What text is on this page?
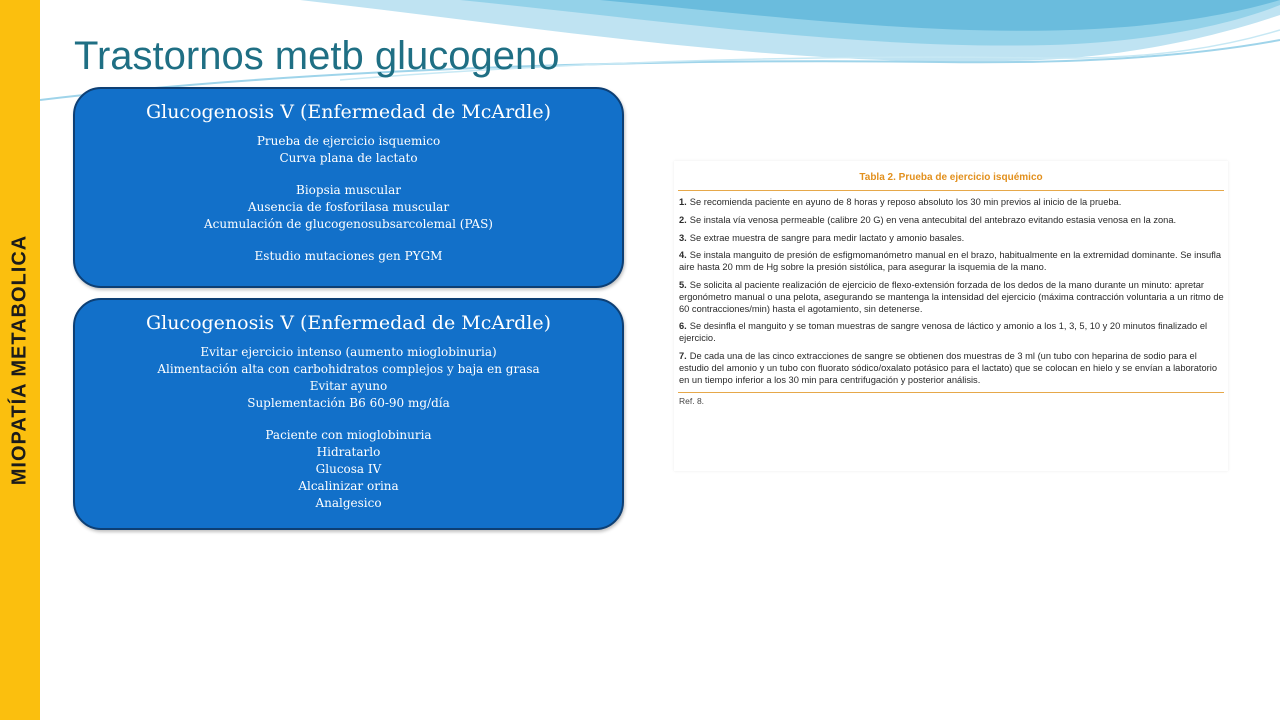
MIOPATÍA METABOLICA
Trastornos metb glucogeno
Glucogenosis V (Enfermedad de McArdle)
Prueba de ejercicio isquemico
Curva plana de lactato
Biopsia muscular
Ausencia de fosforilasa muscular
Acumulación de glucogenosubsarcolemal (PAS)
Estudio mutaciones gen PYGM
Glucogenosis V (Enfermedad de McArdle)
Evitar ejercicio intenso (aumento mioglobinuria)
Alimentación alta con carbohidratos complejos y baja en grasa
Evitar ayuno
Suplementación B6 60-90 mg/día
Paciente con mioglobinuria
Hidratarlo
Glucosa IV
Alcalinizar orina
Analgesico
Tabla 2. Prueba de ejercicio isquémico
1. Se recomienda paciente en ayuno de 8 horas y reposo absoluto los 30 min previos al inicio de la prueba.
2. Se instala vía venosa permeable (calibre 20 G) en vena antecubital del antebrazo evitando estasia venosa en la zona.
3. Se extrae muestra de sangre para medir lactato y amonio basales.
4. Se instala manguito de presión de esfigmomanómetro manual en el brazo, habitualmente en la extremidad dominante. Se insufla aire hasta 20 mm de Hg sobre la presión sistólica, para asegurar la isquemia de la mano.
5. Se solicita al paciente realización de ejercicio de flexo-extensión forzada de los dedos de la mano durante un minuto: apretar ergonómetro manual o una pelota, asegurando se mantenga la intensidad del ejercicio (máxima contracción voluntaria a un ritmo de 60 contracciones/min) hasta el agotamiento, sin detenerse.
6. Se desinfla el manguito y se toman muestras de sangre venosa de láctico y amonio a los 1, 3, 5, 10 y 20 minutos finalizado el ejercicio.
7. De cada una de las cinco extracciones de sangre se obtienen dos muestras de 3 ml (un tubo con heparina de sodio para el estudio del amonio y un tubo con fluorato sódico/oxalato potásico para el lactato) que se colocan en hielo y se envían a laboratorio en un tiempo inferior a los 30 min para centrifugación y posterior análisis.
Ref. 8.
